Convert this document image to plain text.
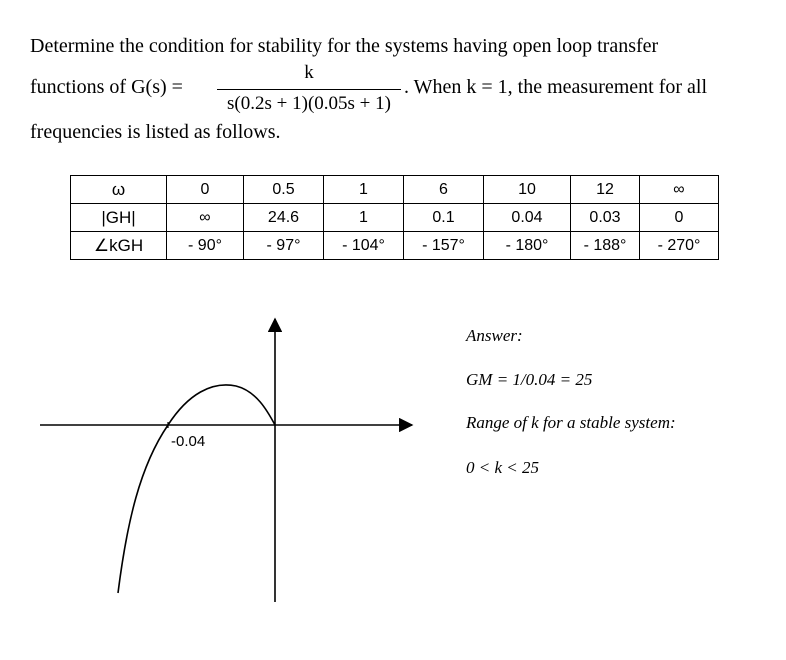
Determine the condition for stability for the systems having open loop transfer
functions of G(s) =
k
s(0.2s + 1)(0.05s + 1)
. When k = 1, the measurement for all
frequencies is listed as follows.
ω	0	0.5	1	6	10	12	∞
|GH|	∞	24.6	1	0.1	0.04	0.03	0
∠kGH	- 90°	- 97°	- 104°	- 157°	- 180°	- 188°	- 270°
-0.04
Answer:
GM = 1/0.04 = 25
Range of k for a stable system:
0 < k < 25
